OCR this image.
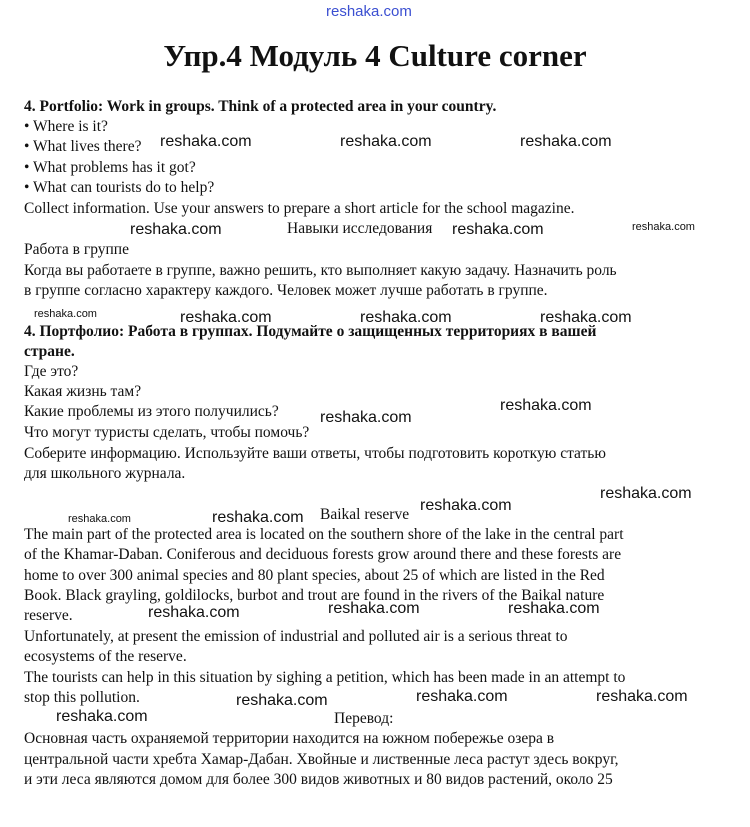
reshaka.com
Упр.4 Модуль 4 Culture corner
4. Portfolio: Work in groups. Think of a protected area in your country.
• Where is it?
• What lives there?
• What problems has it got?
• What can tourists do to help?
Collect information. Use your answers to prepare a short article for the school magazine.
Навыки исследования
Работа в группе
Когда вы работаете в группе, важно решить, кто выполняет какую задачу. Назначить роль
в группе согласно характеру каждого. Человек может лучше работать в группе.
4. Портфолио: Работа в группах. Подумайте о защищенных территориях в вашей
стране.
Где это?
Какая жизнь там?
Какие проблемы из этого получились?
Что могут туристы сделать, чтобы помочь?
Соберите информацию. Используйте ваши ответы, чтобы подготовить короткую статью
для школьного журнала.
Baikal reserve
The main part of the protected area is located on the southern shore of the lake in the central part
of the Khamar-Daban. Coniferous and deciduous forests grow around there and these forests are
home to over 300 animal species and 80 plant species, about 25 of which are listed in the Red
Book. Black grayling, goldilocks, burbot and trout are found in the rivers of the Baikal nature
reserve.
Unfortunately, at present the emission of industrial and polluted air is a serious threat to
ecosystems of the reserve.
The tourists can help in this situation by sighing a petition, which has been made in an attempt to
stop this pollution.
Перевод:
Основная часть охраняемой территории находится на южном побережье озера в
центральной части хребта Хамар-Дабан. Хвойные и лиственные леса растут здесь вокруг,
и эти леса являются домом для более 300 видов животных и 80 видов растений, около 25
reshaka.com	reshaka.com	reshaka.com
reshaka.com	reshaka.com	reshaka.com
reshaka.com	reshaka.com	reshaka.com	reshaka.com
reshaka.com
reshaka.com
reshaka.com
reshaka.com
reshaka.com	reshaka.com
reshaka.com	reshaka.com	reshaka.com
reshaka.com	reshaka.com	reshaka.com
reshaka.com
